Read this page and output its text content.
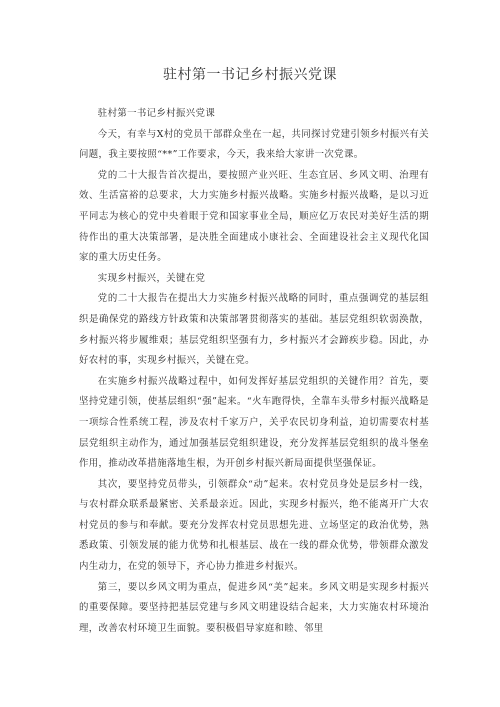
驻村第一书记乡村振兴党课

驻村第一书记乡村振兴党课

今天，有幸与X村的党员干部群众坐在一起，共同探讨党建引领乡村振兴有关问题，我主要按照“**”工作要求，今天，我来给大家讲一次党课。

党的二十大报告首次提出，要按照产业兴旺、生态宜居、乡风文明、治理有效、生活富裕的总要求，大力实施乡村振兴战略。实施乡村振兴战略，是以习近平同志为核心的党中央着眼于党和国家事业全局，顺应亿万农民对美好生活的期待作出的重大决策部署，是决胜全面建成小康社会、全面建设社会主义现代化国家的重大历史任务。

实现乡村振兴，关键在党

党的二十大报告在提出大力实施乡村振兴战略的同时，重点强调党的基层组织是确保党的路线方针政策和决策部署贯彻落实的基础。基层党组织软弱涣散，乡村振兴将步履维艰；基层党组织坚强有力，乡村振兴才会蹄疾步稳。因此，办好农村的事，实现乡村振兴，关键在党。

在实施乡村振兴战略过程中，如何发挥好基层党组织的关键作用？首先，要坚持党建引领，使基层组织“强”起来。“火车跑得快，全靠车头带乡村振兴战略是一项综合性系统工程，涉及农村千家万户，关乎农民切身利益，迫切需要农村基层党组织主动作为，通过加强基层党组织建设，充分发挥基层党组织的战斗堡垒作用，推动改革措施落地生根，为开创乡村振兴新局面提供坚强保证。

其次，要坚持党员带头，引领群众“动”起来。农村党员身处是层乡村一线，与农村群众联系最紧密、关系最亲近。因此，实现乡村振兴，绝不能离开广大农村党员的参与和奉献。要充分发挥农村党员思想先进、立场坚定的政治优势，熟悉政策、引领发展的能力优势和扎根基层、战在一线的群众优势，带领群众激发内生动力，在党的领导下，齐心协力推进乡村振兴。

第三，要以乡风文明为重点，促进乡风“美”起来。乡风文明是实现乡村振兴的重要保障。要坚持把基层党建与乡风文明建设结合起来，大力实施农村环境治理，改善农村环境卫生面貌。要积极倡导家庭和睦、邻里
